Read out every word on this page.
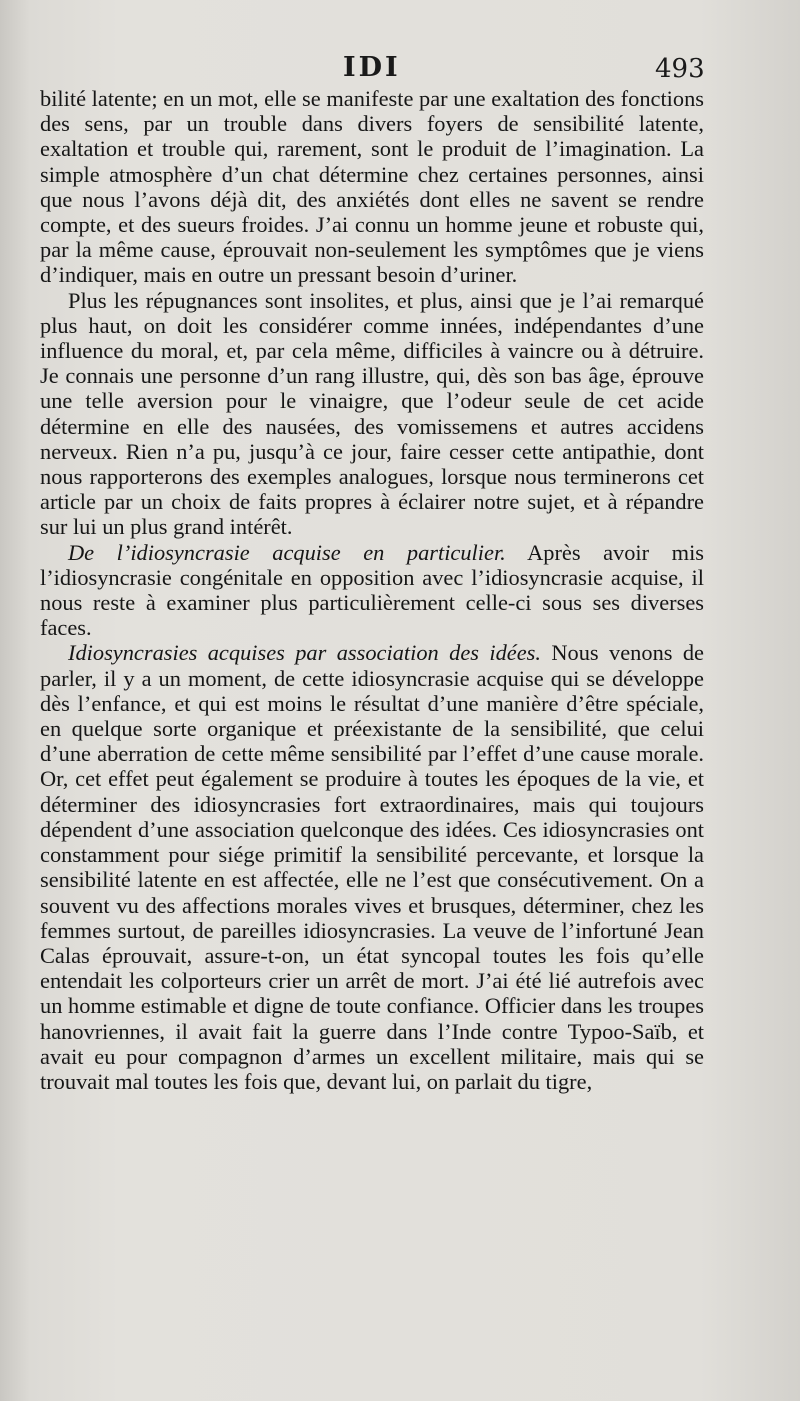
IDI	493

bilité latente; en un mot, elle se manifeste par une exaltation des fonctions des sens, par un trouble dans divers foyers de sensibilité latente, exaltation et trouble qui, rarement, sont le produit de l’imagination. La simple atmosphère d’un chat détermine chez certaines personnes, ainsi que nous l’avons déjà dit, des anxiétés dont elles ne savent se rendre compte, et des sueurs froides. J’ai connu un homme jeune et robuste qui, par la même cause, éprouvait non-seulement les symptômes que je viens d’indiquer, mais en outre un pressant besoin d’uriner.

Plus les répugnances sont insolites, et plus, ainsi que je l’ai remarqué plus haut, on doit les considérer comme innées, indépendantes d’une influence du moral, et, par cela même, difficiles à vaincre ou à détruire. Je connais une personne d’un rang illustre, qui, dès son bas âge, éprouve une telle aversion pour le vinaigre, que l’odeur seule de cet acide détermine en elle des nausées, des vomissemens et autres accidens nerveux. Rien n’a pu, jusqu’à ce jour, faire cesser cette antipathie, dont nous rapporterons des exemples analogues, lorsque nous terminerons cet article par un choix de faits propres à éclairer notre sujet, et à répandre sur lui un plus grand intérêt.

De l’idiosyncrasie acquise en particulier. Après avoir mis l’idiosyncrasie congénitale en opposition avec l’idiosyncrasie acquise, il nous reste à examiner plus particulièrement celle-ci sous ses diverses faces.

Idiosyncrasies acquises par association des idées. Nous venons de parler, il y a un moment, de cette idiosyncrasie acquise qui se développe dès l’enfance, et qui est moins le résultat d’une manière d’être spéciale, en quelque sorte organique et préexistante de la sensibilité, que celui d’une aberration de cette même sensibilité par l’effet d’une cause morale. Or, cet effet peut également se produire à toutes les époques de la vie, et déterminer des idiosyncrasies fort extraordinaires, mais qui toujours dépendent d’une association quelconque des idées. Ces idiosyncrasies ont constamment pour siége primitif la sensibilité percevante, et lorsque la sensibilité latente en est affectée, elle ne l’est que consécutivement. On a souvent vu des affections morales vives et brusques, déterminer, chez les femmes surtout, de pareilles idiosyncrasies. La veuve de l’infortuné Jean Calas éprouvait, assure-t-on, un état syncopal toutes les fois qu’elle entendait les colporteurs crier un arrêt de mort. J’ai été lié autrefois avec un homme estimable et digne de toute confiance. Officier dans les troupes hanovriennes, il avait fait la guerre dans l’Inde contre Typoo-Saïb, et avait eu pour compagnon d’armes un excellent militaire, mais qui se trouvait mal toutes les fois que, devant lui, on parlait du tigre,
